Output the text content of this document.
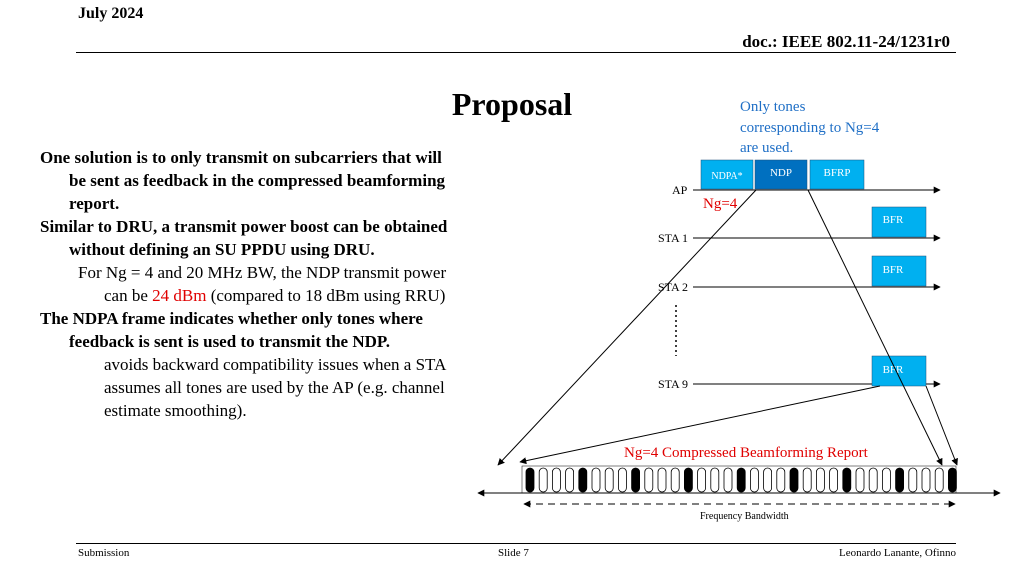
July 2024
doc.: IEEE 802.11-24/1231r0
Proposal

One solution is to only transmit on subcarriers that will be sent as feedback in the compressed beamforming report.

Similar to DRU, a transmit power boost can be obtained without defining an SU PPDU using DRU.

For Ng = 4 and 20 MHz BW, the NDP transmit power can be 24 dBm (compared to 18 dBm using RRU)

The NDPA frame indicates whether only tones where feedback is sent is used to transmit the NDP.

avoids backward compatibility issues when a STA assumes all tones are used by the AP (e.g. channel estimate smoothing).

Only tones corresponding to Ng=4 are used.
AP
STA 1
STA 2
STA 9
NDPA* NDP	BFRP
Ng=4
BFR
BFR
BFR
Ng=4 Compressed Beamforming Report
Frequency Bandwidth
Submission	Slide 7	Leonardo Lanante, Ofinno
